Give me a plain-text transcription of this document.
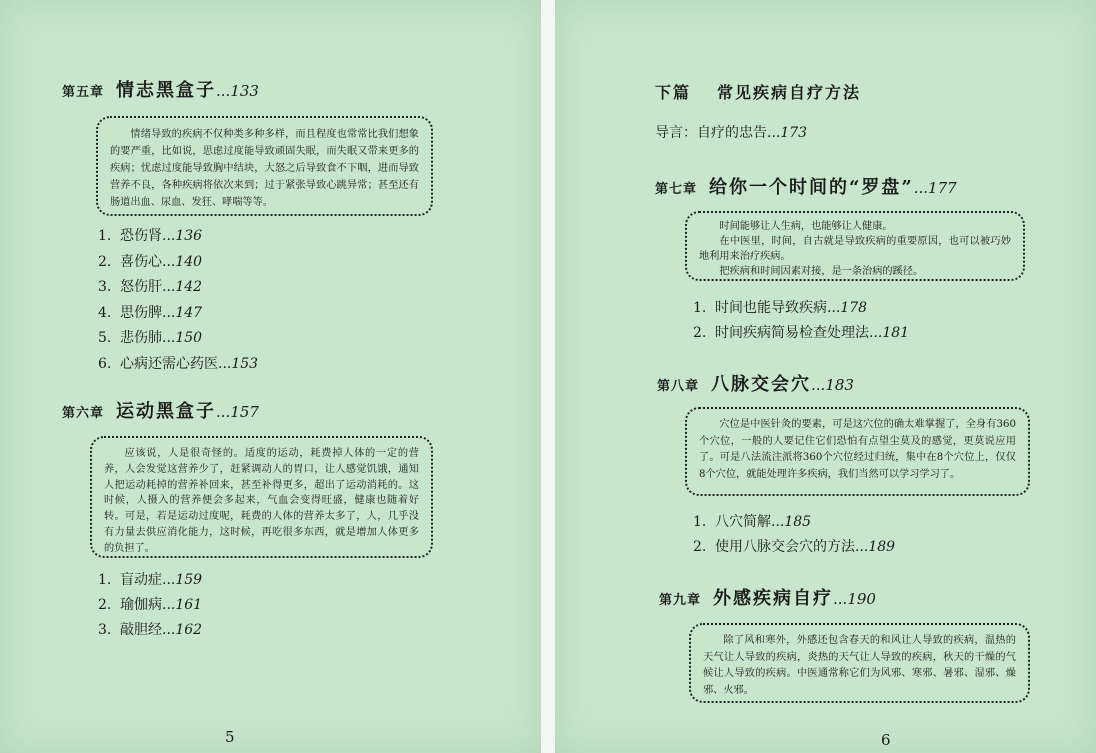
第五章 情志黑盒子...133
情绪导致的疾病不仅种类多种多样，而且程度也常常比我们想象的要严重，比如说，思虑过度能导致顽固失眠，而失眠又带来更多的疾病；忧虑过度能导致胸中结块，大怒之后导致食不下咽，进而导致营养不良，各种疾病将依次来到；过于紧张导致心跳异常；甚至还有肠道出血、尿血、发狂、哮喘等等。
1. 恐伤肾...136
2. 喜伤心...140
3. 怒伤肝...142
4. 思伤脾...147
5. 悲伤肺...150
6. 心病还需心药医...153
第六章 运动黑盒子...157
应该说，人是很奇怪的。适度的运动，耗费掉人体的一定的营养，人会发觉这营养少了，赶紧调动人的胃口，让人感觉饥饿，通知人把运动耗掉的营养补回来，甚至补得更多，超出了运动消耗的。这时候，人摄入的营养便会多起来，气血会变得旺盛，健康也随着好转。可是，若是运动过度呢，耗费的人体的营养太多了，人，几乎没有力量去供应消化能力，这时候，再吃很多东西，就是增加人体更多的负担了。
1. 盲动症...159
2. 瑜伽病...161
3. 敲胆经...162
5
下篇 常见疾病自疗方法
导言：自疗的忠告...173
第七章 给你一个时间的“罗盘”...177

时间能够让人生病，也能够让人健康。

在中医里，时间，自古就是导致疾病的重要原因，也可以被巧妙地利用来治疗疾病。

把疾病和时间因素对接，是一条治病的蹊径。

1. 时间也能导致疾病...178
2. 时间疾病简易检查处理法...181
第八章 八脉交会穴...183
穴位是中医针灸的要素，可是这穴位的确太难掌握了，全身有360个穴位，一般的人要记住它们恐怕有点望尘莫及的感觉，更莫说应用了。可是八法流注派将360个穴位经过归统，集中在8个穴位上，仅仅8个穴位，就能处理许多疾病，我们当然可以学习学习了。
1. 八穴简解...185
2. 使用八脉交会穴的方法...189
第九章 外感疾病自疗...190
除了风和寒外，外感还包含春天的和风让人导致的疾病，温热的天气让人导致的疾病，炎热的天气让人导致的疾病，秋天的干燥的气候让人导致的疾病。中医通常称它们为风邪、寒邪、暑邪、湿邪、燥邪、火邪。
6
